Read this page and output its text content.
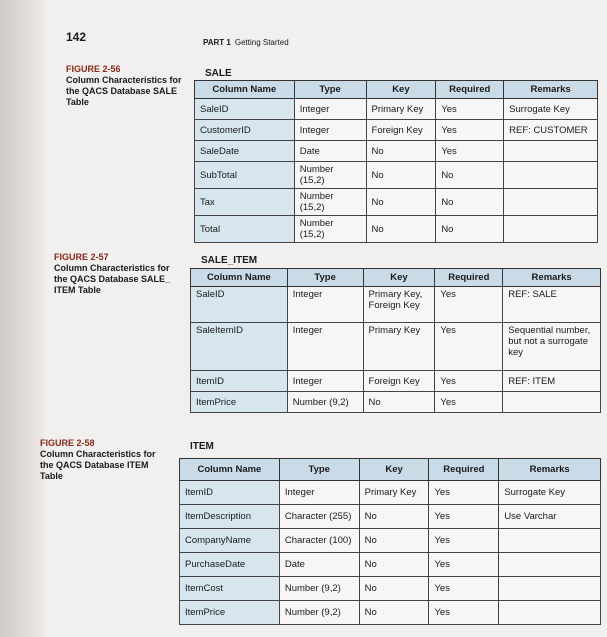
142	PART 1 Getting Started
FIGURE 2-56
Column Characteristics for the QACS Database SALE Table
SALE
Column Name	Type	Key	Required	Remarks
SaleID	Integer	Primary Key	Yes	Surrogate Key
CustomerID	Integer	Foreign Key	Yes	REF: CUSTOMER
SaleDate	Date	No	Yes	
SubTotal	Number (15,2)	No	No	
Tax	Number (15,2)	No	No	
Total	Number (15,2)	No	No	
FIGURE 2-57
Column Characteristics for the QACS Database SALE_ ITEM Table
SALE_ITEM
Column Name	Type	Key	Required	Remarks
SaleID	Integer	Primary Key, Foreign Key	Yes	REF: SALE
SaleItemID	Integer	Primary Key	Yes	Sequential number, but not a surrogate key
ItemID	Integer	Foreign Key	Yes	REF: ITEM
ItemPrice	Number (9,2)	No	Yes	
FIGURE 2-58
Column Characteristics for the QACS Database ITEM Table
ITEM
Column Name	Type	Key	Required	Remarks
ItemID	Integer	Primary Key	Yes	Surrogate Key
ItemDescription	Character (255)	No	Yes	Use Varchar
CompanyName	Character (100)	No	Yes	
PurchaseDate	Date	No	Yes	
ItemCost	Number (9,2)	No	Yes	
ItemPrice	Number (9,2)	No	Yes	
